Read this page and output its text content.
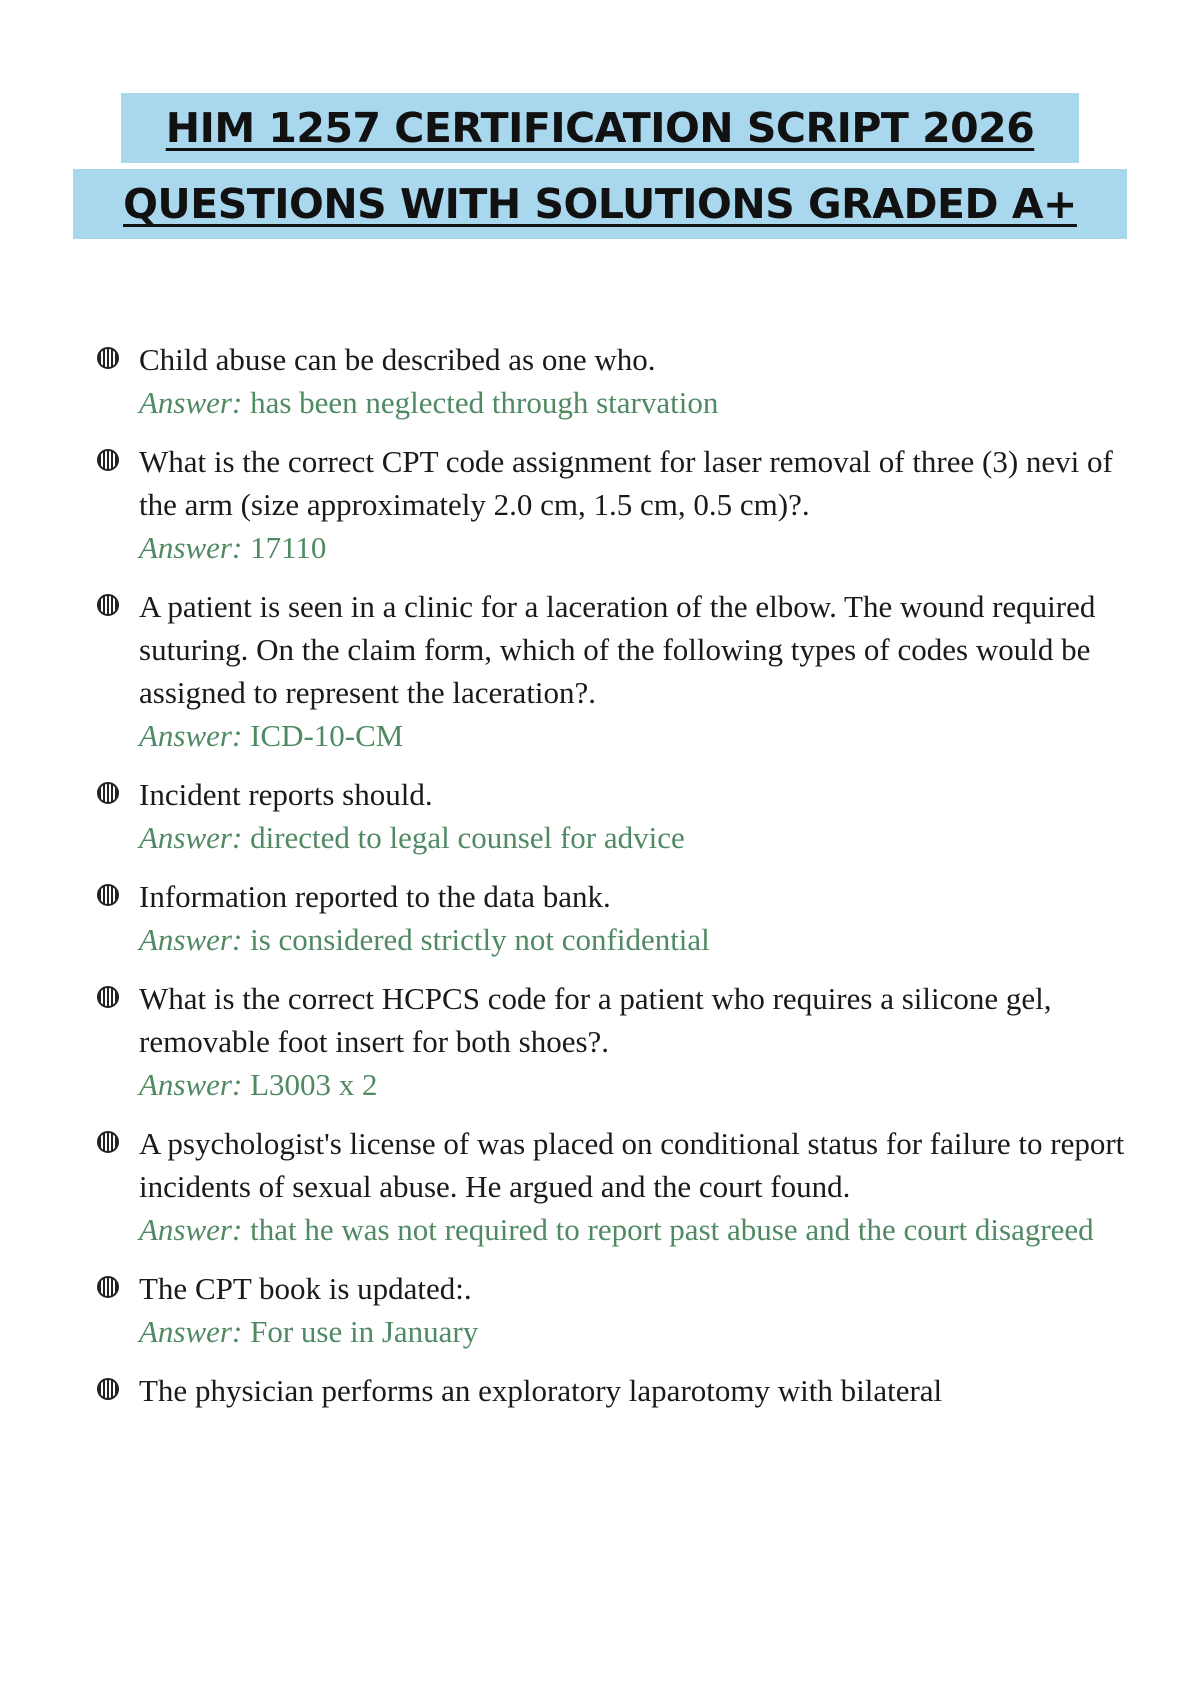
HIM 1257 CERTIFICATION SCRIPT 2026
QUESTIONS WITH SOLUTIONS GRADED A+
Child abuse can be described as one who.
Answer: has been neglected through starvation
What is the correct CPT code assignment for laser removal of three (3) nevi of the arm (size approximately 2.0 cm, 1.5 cm, 0.5 cm)?.
Answer: 17110
A patient is seen in a clinic for a laceration of the elbow. The wound required suturing. On the claim form, which of the following types of codes would be assigned to represent the laceration?.
Answer: ICD-10-CM
Incident reports should.
Answer: directed to legal counsel for advice
Information reported to the data bank.
Answer: is considered strictly not confidential
What is the correct HCPCS code for a patient who requires a silicone gel, removable foot insert for both shoes?.
Answer: L3003 x 2
A psychologist's license of was placed on conditional status for failure to report incidents of sexual abuse. He argued and the court found.
Answer: that he was not required to report past abuse and the court disagreed
The CPT book is updated:.
Answer: For use in January
The physician performs an exploratory laparotomy with bilateral
